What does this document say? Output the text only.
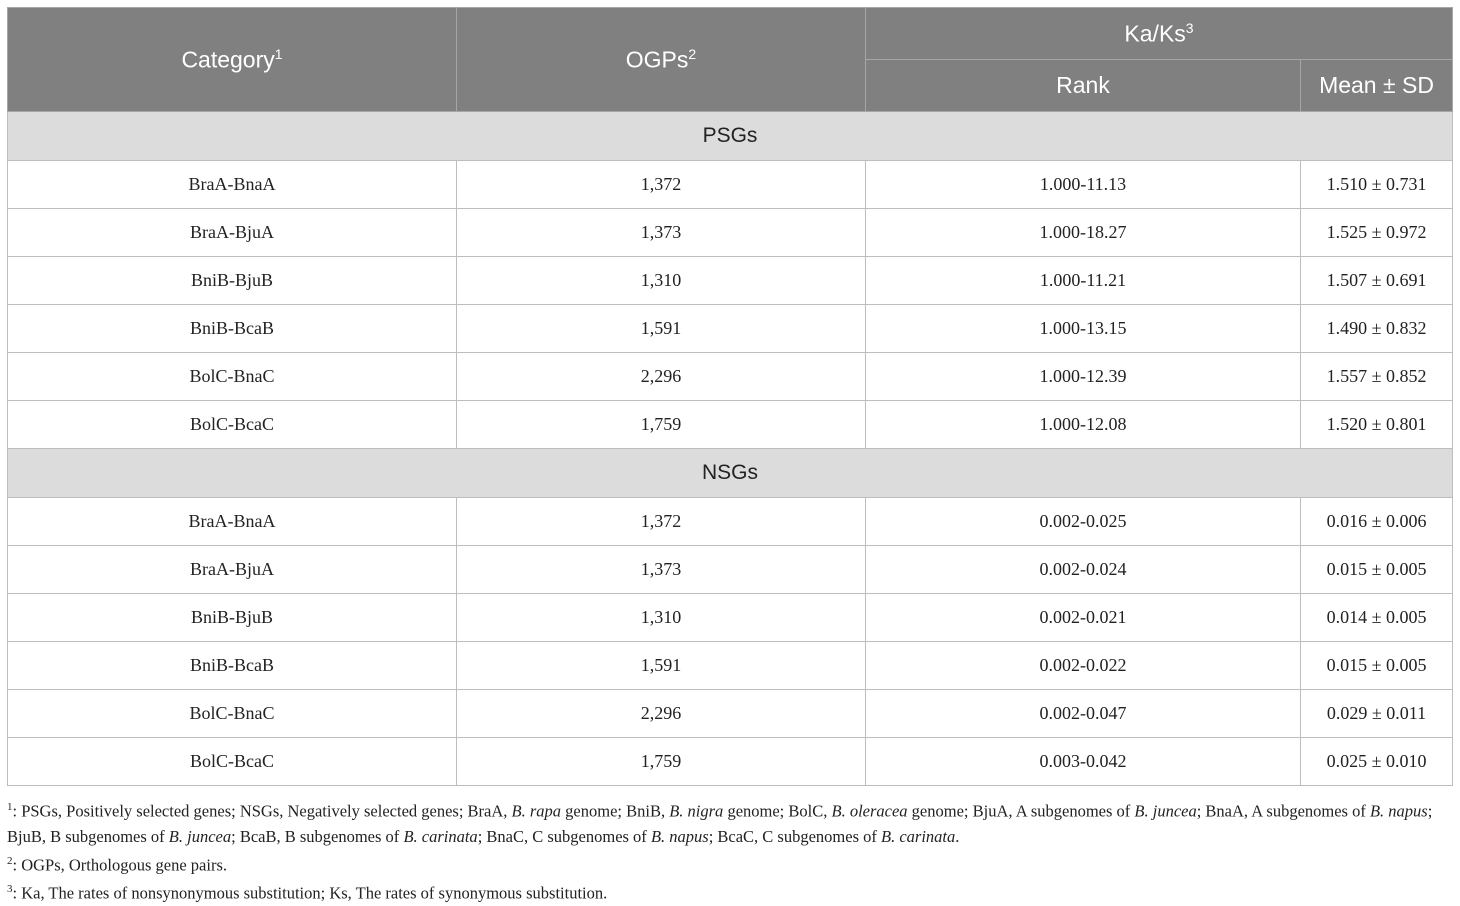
Category$^1$	OGPs$^2$	Ka/Ks$^3$
		Rank	Mean ± SD
PSGs			
BraA-BnaA	1,372	1.000-11.13	1.510 ± 0.731
BraA-BjuA	1,373	1.000-18.27	1.525 ± 0.972
BniB-BjuB	1,310	1.000-11.21	1.507 ± 0.691
BniB-BcaB	1,591	1.000-13.15	1.490 ± 0.832
BolC-BnaC	2,296	1.000-12.39	1.557 ± 0.852
BolC-BcaC	1,759	1.000-12.08	1.520 ± 0.801
NSGs			
BraA-BnaA	1,372	0.002-0.025	0.016 ± 0.006
BraA-BjuA	1,373	0.002-0.024	0.015 ± 0.005
BniB-BjuB	1,310	0.002-0.021	0.014 ± 0.005
BniB-BcaB	1,591	0.002-0.022	0.015 ± 0.005
BolC-BnaC	2,296	0.002-0.047	0.029 ± 0.011
BolC-BcaC	1,759	0.003-0.042	0.025 ± 0.010

$^1$: PSGs, Positively selected genes; NSGs, Negatively selected genes; BraA, B. rapa genome; BniB, B. nigra genome; BolC, B. oleracea genome; BjuA, A subgenomes of B. juncea; BnaA, A subgenomes of B. napus; BjuB, B subgenomes of B. juncea; BcaB, B subgenomes of B. carinata; BnaC, C subgenomes of B. napus; BcaC, C subgenomes of B. carinata.

$^2$: OGPs, Orthologous gene pairs.

$^3$: Ka, The rates of nonsynonymous substitution; Ks, The rates of synonymous substitution.
